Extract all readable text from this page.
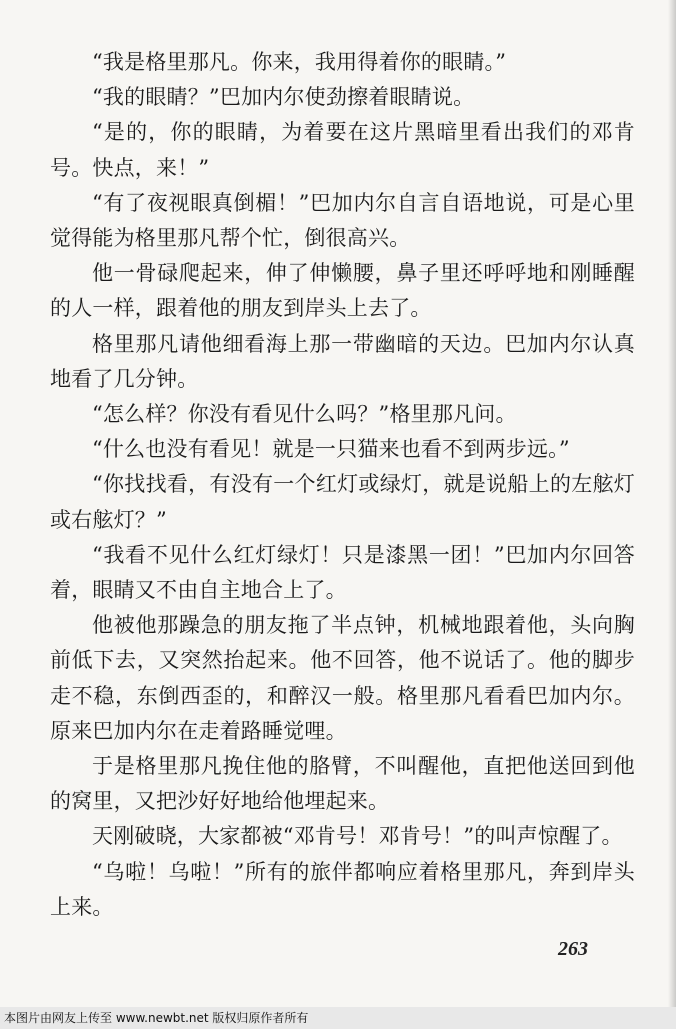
“我是格里那凡。你来，我用得着你的眼睛。”

“我的眼睛？”巴加内尔使劲擦着眼睛说。

“是的，你的眼睛，为着要在这片黑暗里看出我们的邓肯号。快点，来！”

“有了夜视眼真倒楣！”巴加内尔自言自语地说，可是心里觉得能为格里那凡帮个忙，倒很高兴。

他一骨碌爬起来，伸了伸懒腰，鼻子里还呼呼地和刚睡醒的人一样，跟着他的朋友到岸头上去了。

格里那凡请他细看海上那一带幽暗的天边。巴加内尔认真地看了几分钟。

“怎么样？你没有看见什么吗？”格里那凡问。

“什么也没有看见！就是一只猫来也看不到两步远。”

“你找找看，有没有一个红灯或绿灯，就是说船上的左舷灯或右舷灯？”

“我看不见什么红灯绿灯！只是漆黑一团！”巴加内尔回答着，眼睛又不由自主地合上了。

他被他那躁急的朋友拖了半点钟，机械地跟着他，头向胸前低下去，又突然抬起来。他不回答，他不说话了。他的脚步走不稳，东倒西歪的，和醉汉一般。格里那凡看看巴加内尔。原来巴加内尔在走着路睡觉哩。

于是格里那凡挽住他的胳臂，不叫醒他，直把他送回到他的窝里，又把沙好好地给他埋起来。

天刚破晓，大家都被“邓肯号！邓肯号！”的叫声惊醒了。

“乌啦！乌啦！”所有的旅伴都响应着格里那凡，奔到岸头上来。

263
本图片由网友上传至 www.newbt.net 版权归原作者所有
